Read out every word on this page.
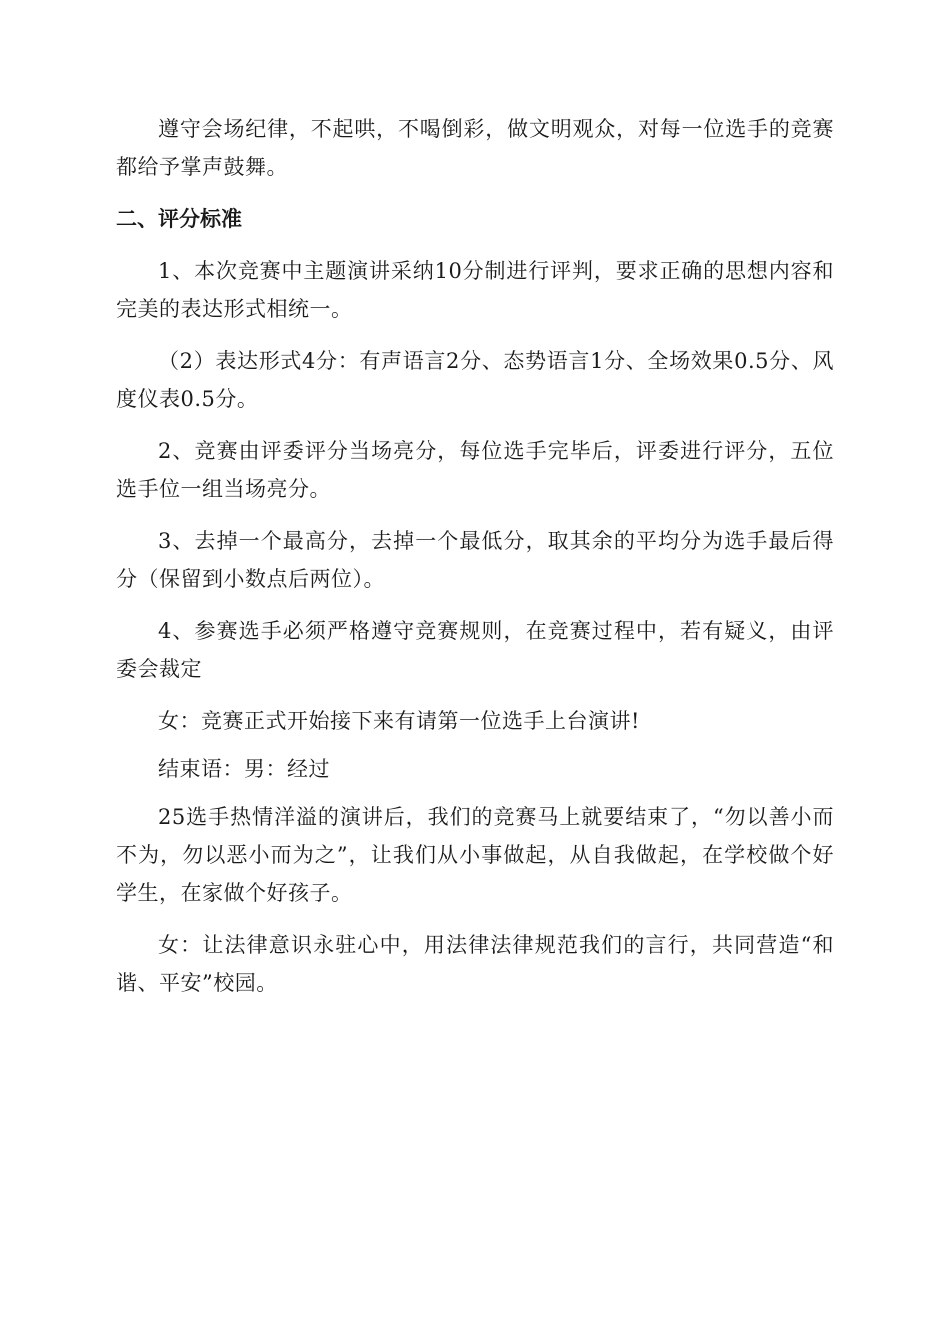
遵守会场纪律，不起哄，不喝倒彩，做文明观众，对每一位选手的竞赛都给予掌声鼓舞。

二、评分标准

1、本次竞赛中主题演讲采纳10分制进行评判，要求正确的思想内容和完美的表达形式相统一。

（2）表达形式4分：有声语言2分、态势语言1分、全场效果0.5分、风度仪表0.5分。

2、竞赛由评委评分当场亮分，每位选手完毕后，评委进行评分，五位选手位一组当场亮分。

3、去掉一个最高分，去掉一个最低分，取其余的平均分为选手最后得分（保留到小数点后两位）。

4、参赛选手必须严格遵守竞赛规则，在竞赛过程中，若有疑义，由评委会裁定

女：竞赛正式开始接下来有请第一位选手上台演讲!

结束语：男：经过

25选手热情洋溢的演讲后，我们的竞赛马上就要结束了，“勿以善小而不为，勿以恶小而为之”，让我们从小事做起，从自我做起，在学校做个好学生，在家做个好孩子。

女：让法律意识永驻心中，用法律法律规范我们的言行，共同营造“和谐、平安”校园。
